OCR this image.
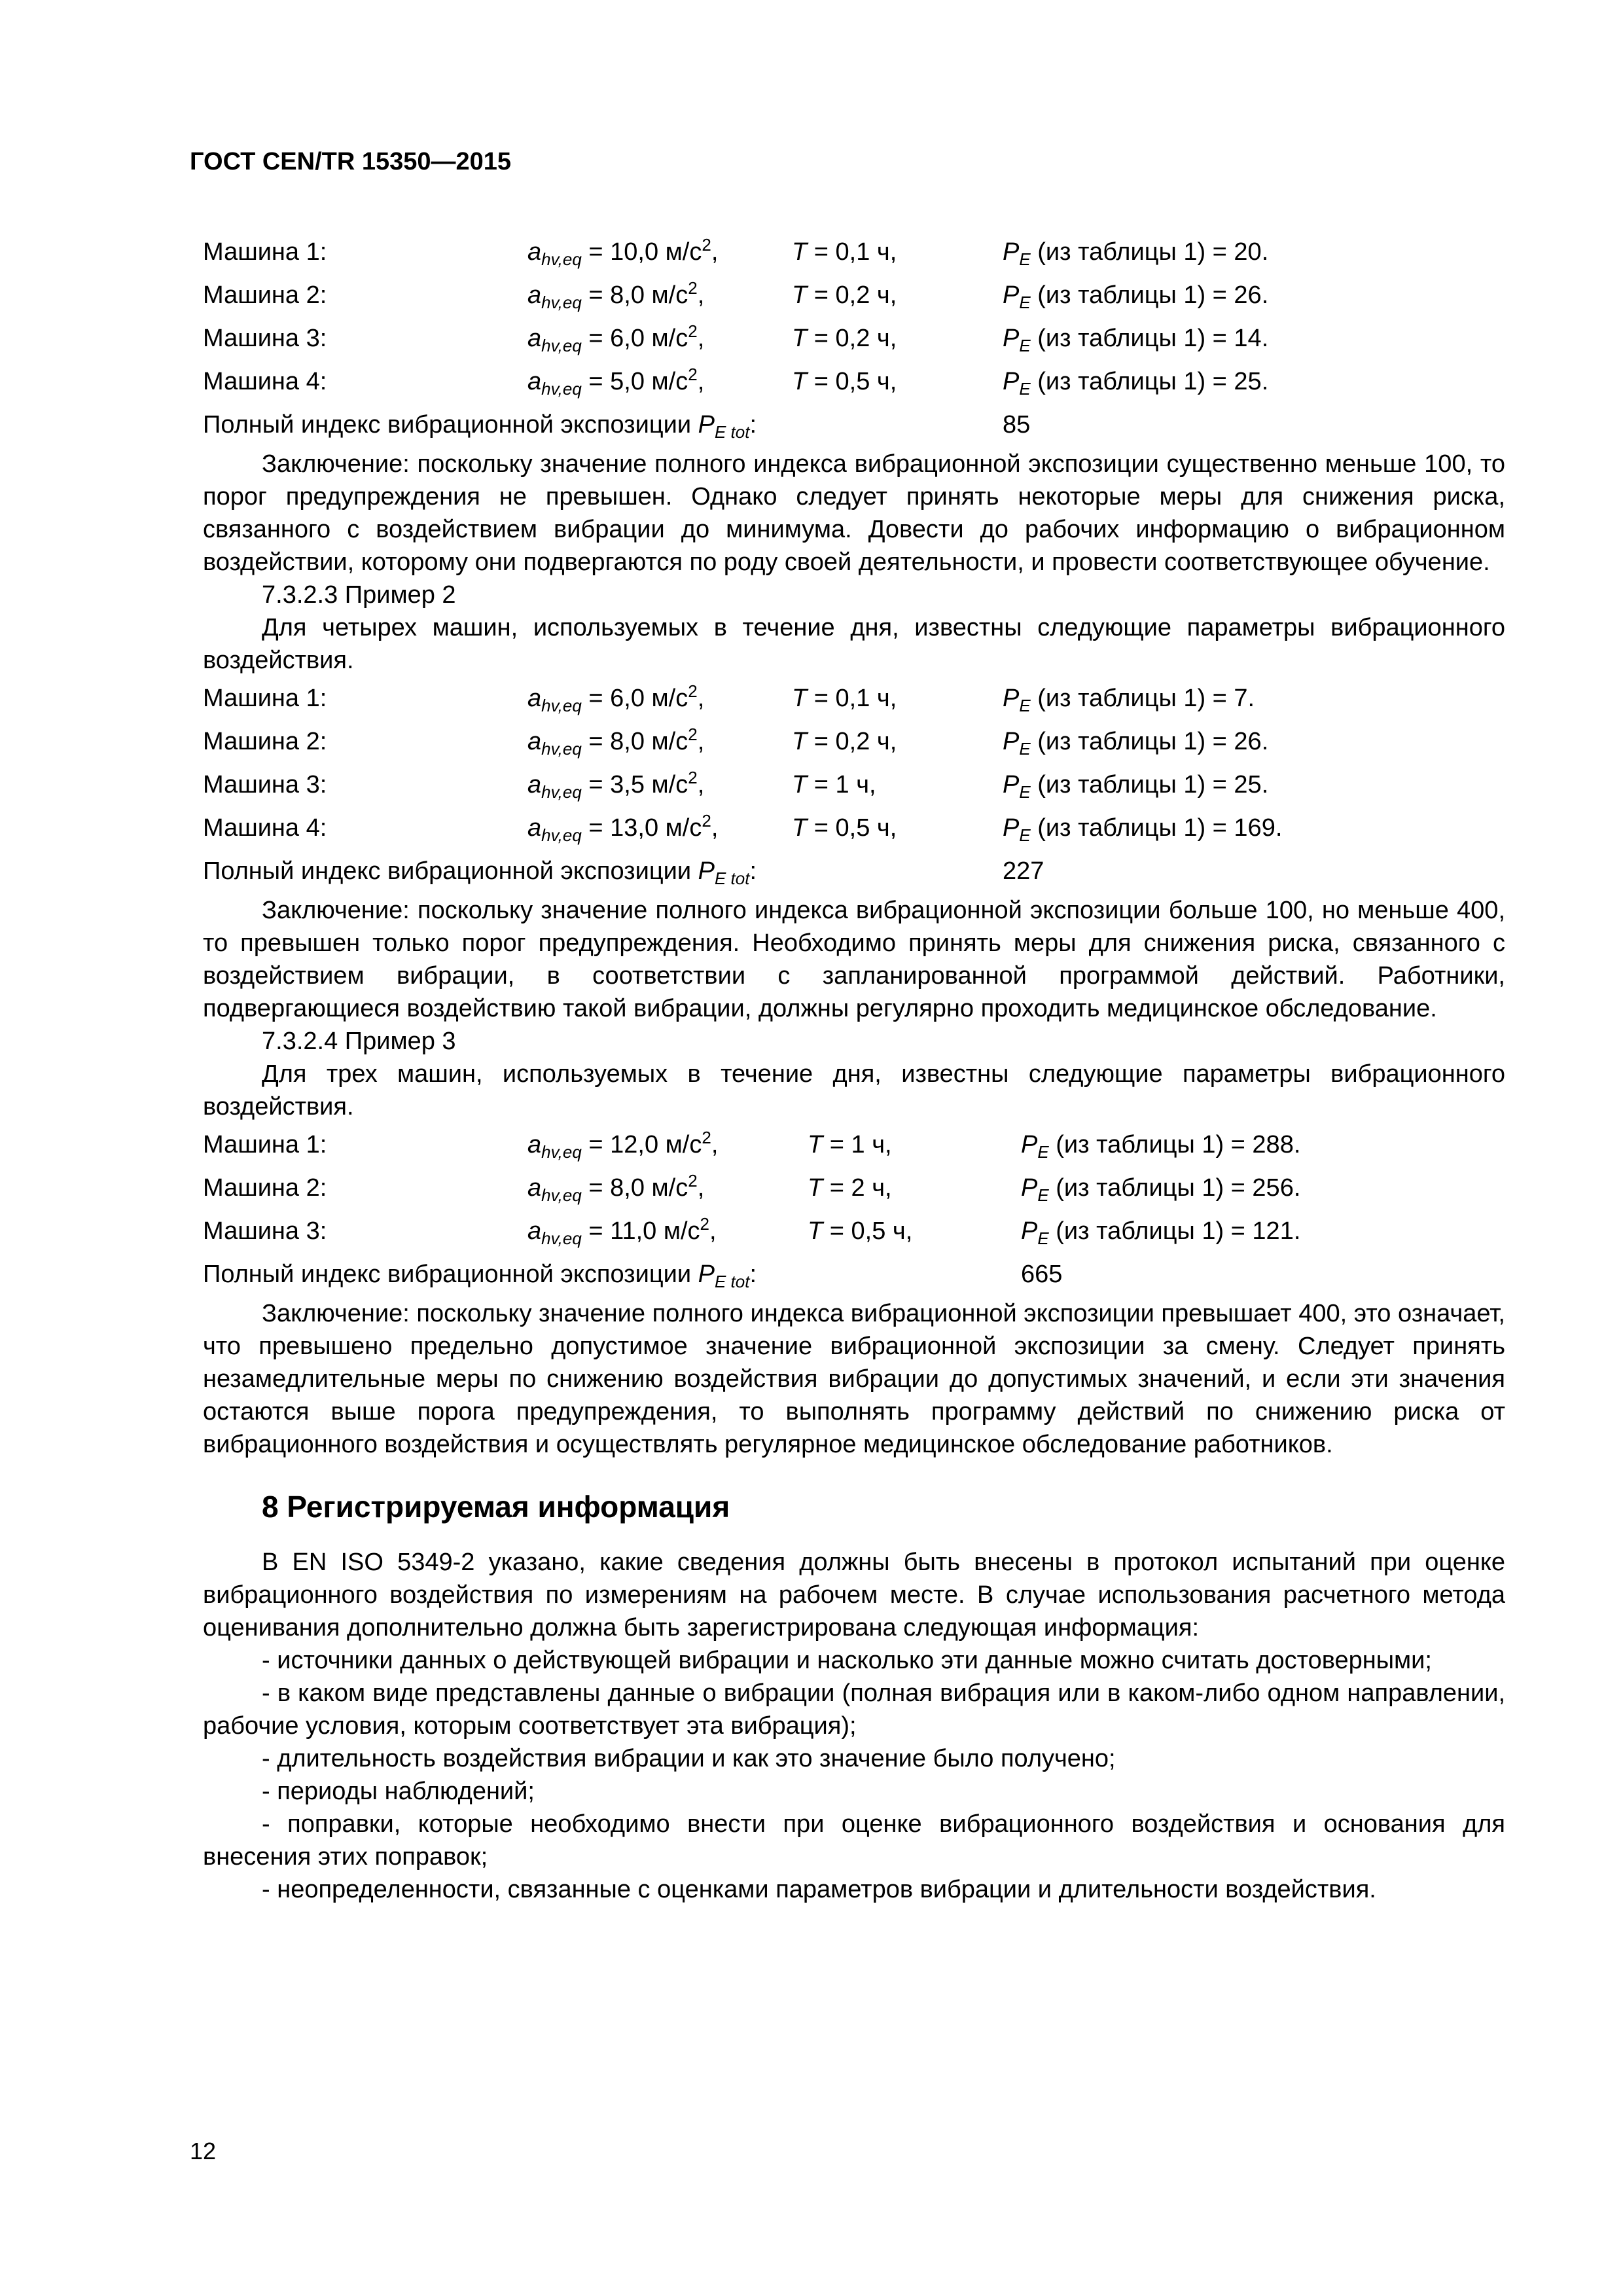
ГОСТ CEN/TR 15350—2015
Машина 1:	$a_{hv,eq} = 10,0$ $м/с^2$,	T = 0,1 ч,	$P_E$ (из таблицы 1) = 20.
Машина 2:	$a_{hv,eq} = 8,0$ $м/с^2$,	T = 0,2 ч,	$P_E$ (из таблицы 1) = 26.
Машина 3:	$a_{hv,eq} = 6,0$ $м/с^2$,	T = 0,2 ч,	$P_E$ (из таблицы 1) = 14.
Машина 4:	$a_{hv,eq} = 5,0$ $м/с^2$,	T = 0,5 ч,	$P_E$ (из таблицы 1) = 25.
Полный индекс вибрационной экспозиции $P_{E tot}$:	85

Заключение: поскольку значение полного индекса вибрационной экспозиции существенно меньше 100, то порог предупреждения не превышен. Однако следует принять некоторые меры для снижения риска, связанного с воздействием вибрации до минимума. Довести до рабочих информацию о вибрационном воздействии, которому они подвергаются по роду своей деятельности, и провести соответствующее обучение.

7.3.2.3 Пример 2

Для четырех машин, используемых в течение дня, известны следующие параметры вибрационного воздействия.

Машина 1:	$a_{hv,eq} = 6,0$ $м/с^2$,	T = 0,1 ч,	$P_E$ (из таблицы 1) = 7.
Машина 2:	$a_{hv,eq} = 8,0$ $м/с^2$,	T = 0,2 ч,	$P_E$ (из таблицы 1) = 26.
Машина 3:	$a_{hv,eq} = 3,5$ $м/с^2$,	T = 1 ч,	$P_E$ (из таблицы 1) = 25.
Машина 4:	$a_{hv,eq} = 13,0$ $м/с^2$,	T = 0,5 ч,	$P_E$ (из таблицы 1) = 169.
Полный индекс вибрационной экспозиции $P_{E tot}$:	227

Заключение: поскольку значение полного индекса вибрационной экспозиции больше 100, но меньше 400, то превышен только порог предупреждения. Необходимо принять меры для снижения риска, связанного с воздействием вибрации, в соответствии с запланированной программой действий. Работники, подвергающиеся воздействию такой вибрации, должны регулярно проходить медицинское обследование.

7.3.2.4 Пример 3

Для трех машин, используемых в течение дня, известны следующие параметры вибрационного воздействия.

Машина 1:	$a_{hv,eq} = 12,0$ $м/с^2$,	T = 1 ч,	$P_E$ (из таблицы 1) = 288.
Машина 2:	$a_{hv,eq} = 8,0$ $м/с^2$,	T = 2 ч,	$P_E$ (из таблицы 1) = 256.
Машина 3:	$a_{hv,eq} = 11,0$ $м/с^2$,	T = 0,5 ч,	$P_E$ (из таблицы 1) = 121.
Полный индекс вибрационной экспозиции $P_{E tot}$:	665

Заключение: поскольку значение полного индекса вибрационной экспозиции превышает 400, это означает, что превышено предельно допустимое значение вибрационной экспозиции за смену. Следует принять незамедлительные меры по снижению воздействия вибрации до допустимых значений, и если эти значения остаются выше порога предупреждения, то выполнять программу действий по снижению риска от вибрационного воздействия и осуществлять регулярное медицинское обследование работников.

8 Регистрируемая информация

В EN ISO 5349-2 указано, какие сведения должны быть внесены в протокол испытаний при оценке вибрационного воздействия по измерениям на рабочем месте. В случае использования расчетного метода оценивания дополнительно должна быть зарегистрирована следующая информация:

- источники данных о действующей вибрации и насколько эти данные можно считать достоверными;

- в каком виде представлены данные о вибрации (полная вибрация или в каком-либо одном направлении, рабочие условия, которым соответствует эта вибрация);

- длительность воздействия вибрации и как это значение было получено;

- периоды наблюдений;

- поправки, которые необходимо внести при оценке вибрационного воздействия и основания для внесения этих поправок;

- неопределенности, связанные с оценками параметров вибрации и длительности воздействия.

12
